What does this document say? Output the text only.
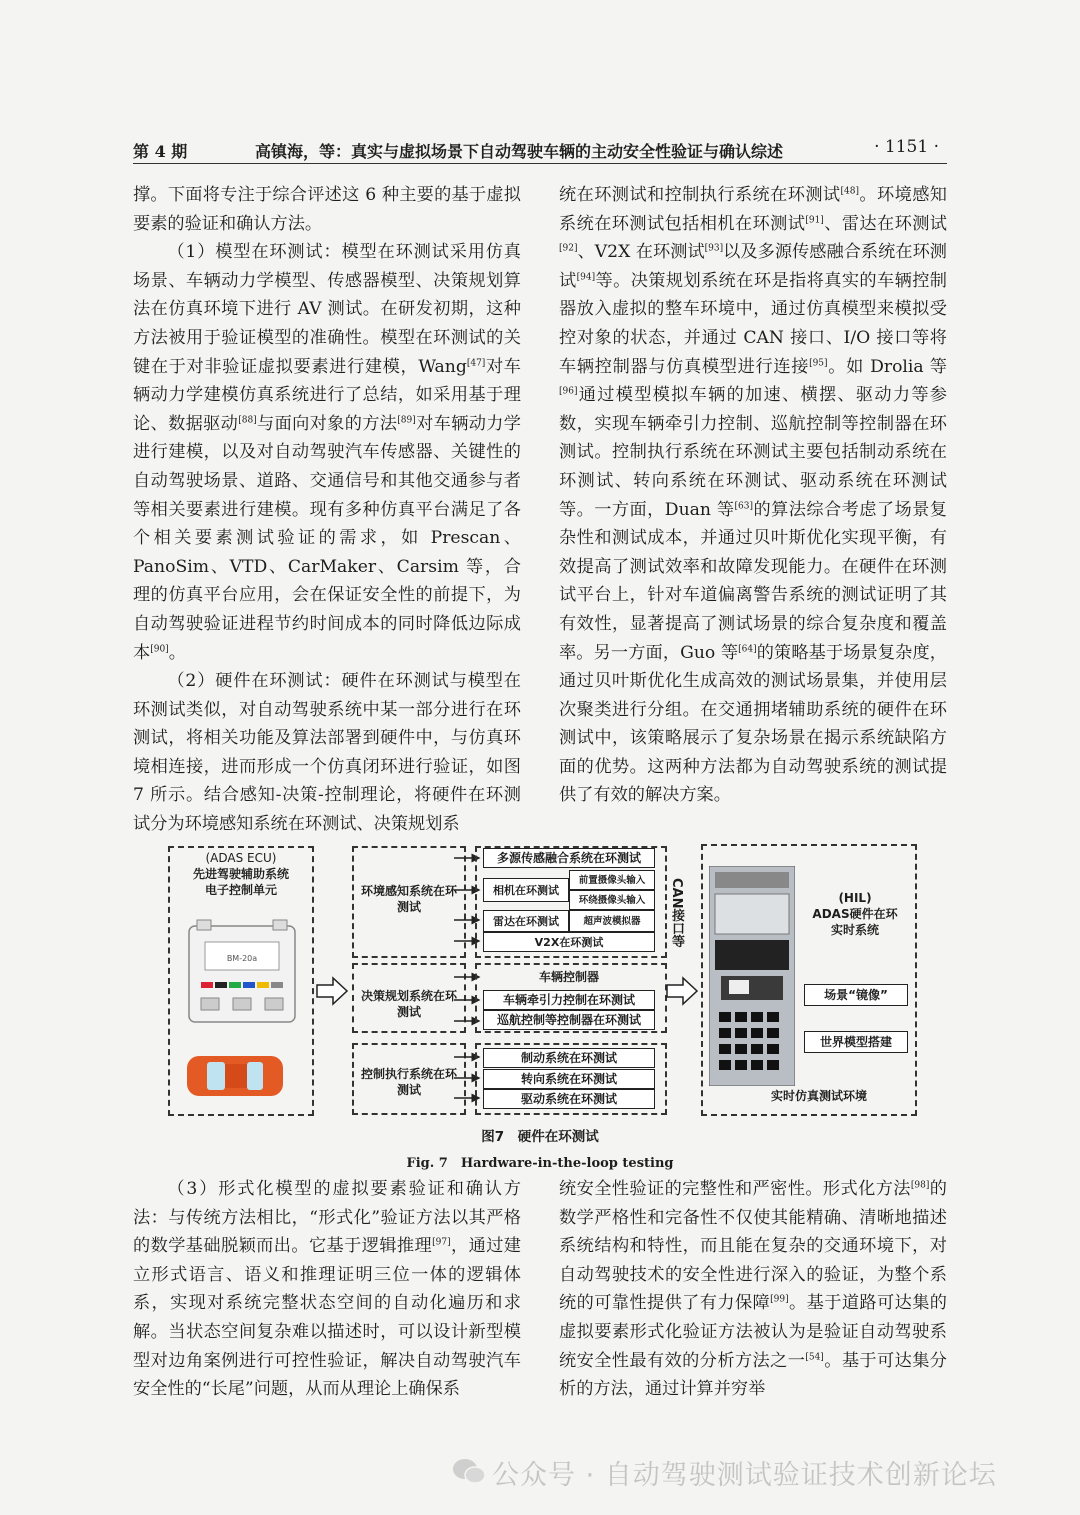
第 4 期	高镇海，等：真实与虚拟场景下自动驾驶车辆的主动安全性验证与确认综述	· 1151 ·

撑。下面将专注于综合评述这 6 种主要的基于虚拟要素的验证和确认方法。

（1）模型在环测试：模型在环测试采用仿真场景、车辆动力学模型、传感器模型、决策规划算法在仿真环境下进行 AV 测试。在研发初期，这种方法被用于验证模型的准确性。模型在环测试的关键在于对非验证虚拟要素进行建模，Wang[47]对车辆动力学建模仿真系统进行了总结，如采用基于理论、数据驱动[88]与面向对象的方法[89]对车辆动力学进行建模，以及对自动驾驶汽车传感器、关键性的自动驾驶场景、道路、交通信号和其他交通参与者等相关要素进行建模。现有多种仿真平台满足了各个相关要素测试验证的需求，如 Prescan、PanoSim、VTD、CarMaker、Carsim 等，合理的仿真平台应用，会在保证安全性的前提下，为自动驾驶验证进程节约时间成本的同时降低边际成本[90]。

（2）硬件在环测试：硬件在环测试与模型在环测试类似，对自动驾驶系统中某一部分进行在环测试，将相关功能及算法部署到硬件中，与仿真环境相连接，进而形成一个仿真闭环进行验证，如图 7 所示。结合感知-决策-控制理论，将硬件在环测试分为环境感知系统在环测试、决策规划系

统在环测试和控制执行系统在环测试[48]。环境感知系统在环测试包括相机在环测试[91]、雷达在环测试[92]、V2X 在环测试[93]以及多源传感融合系统在环测试[94]等。决策规划系统在环是指将真实的车辆控制器放入虚拟的整车环境中，通过仿真模型来模拟受控对象的状态，并通过 CAN 接口、I/O 接口等将车辆控制器与仿真模型进行连接[95]。如 Drolia 等[96]通过模型模拟车辆的加速、横摆、驱动力等参数，实现车辆牵引力控制、巡航控制等控制器在环测试。控制执行系统在环测试主要包括制动系统在环测试、转向系统在环测试、驱动系统在环测试等。一方面，Duan 等[63]的算法综合考虑了场景复杂性和测试成本，并通过贝叶斯优化实现平衡，有效提高了测试效率和故障发现能力。在硬件在环测试平台上，针对车道偏离警告系统的测试证明了其有效性，显著提高了测试场景的综合复杂度和覆盖率。另一方面，Guo 等[64]的策略基于场景复杂度，通过贝叶斯优化生成高效的测试场景集，并使用层次聚类进行分组。在交通拥堵辅助系统的硬件在环测试中，该策略展示了复杂场景在揭示系统缺陷方面的优势。这两种方法都为自动驾驶系统的测试提供了有效的解决方案。

(ADAS ECU)
先进驾驶辅助系统
电子控制单元
BM-20a
环境感知系统在环测试
决策规划系统在环测试
控制执行系统在环测试
多源传感融合系统在环测试
相机在环测试
前置摄像头输入
环绕摄像头输入
雷达在环测试	超声波模拟器
V2X在环测试
车辆控制器
车辆牵引力控制在环测试
巡航控制等控制器在环测试
制动系统在环测试
转向系统在环测试
驱动系统在环测试
CAN接口等	(HIL)
ADAS硬件在环
实时系统
场景“镜像”
世界模型搭建
实时仿真测试环境
图7　硬件在环测试
Fig. 7　Hardware-in-the-loop testing

（3）形式化模型的虚拟要素验证和确认方法：与传统方法相比，“形式化”验证方法以其严格的数学基础脱颖而出。它基于逻辑推理[97]，通过建立形式语言、语义和推理证明三位一体的逻辑体系，实现对系统完整状态空间的自动化遍历和求解。当状态空间复杂难以描述时，可以设计新型模型对边角案例进行可控性验证，解决自动驾驶汽车安全性的“长尾”问题，从而从理论上确保系

统安全性验证的完整性和严密性。形式化方法[98]的数学严格性和完备性不仅使其能精确、清晰地描述系统结构和特性，而且能在复杂的交通环境下，对自动驾驶技术的安全性进行深入的验证，为整个系统的可靠性提供了有力保障[99]。基于道路可达集的虚拟要素形式化验证方法被认为是验证自动驾驶系统安全性最有效的分析方法之一[54]。基于可达集分析的方法，通过计算并穷举

公众号 · 自动驾驶测试验证技术创新论坛
